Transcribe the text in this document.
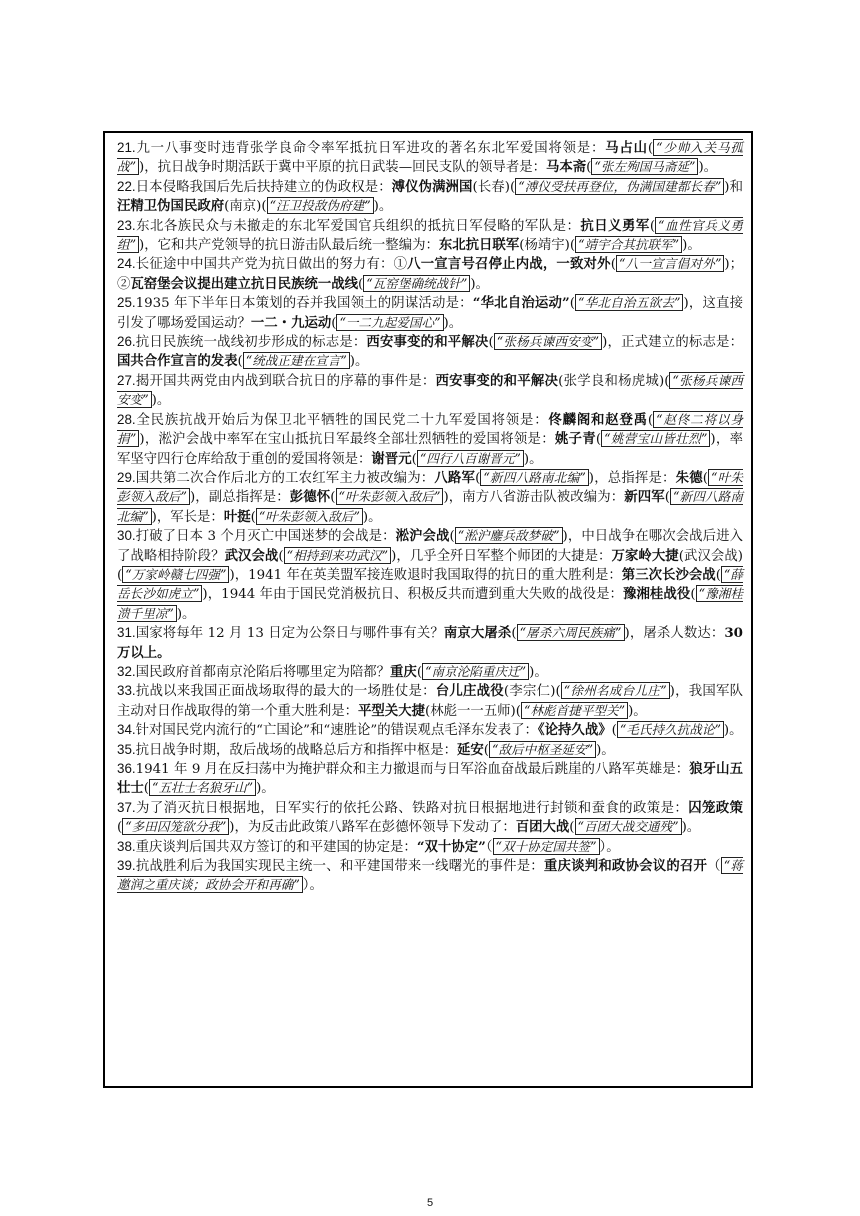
21.九一八事变时违背张学良命令率军抵抗日军进攻的著名东北军爱国将领是：马占山( “少帅入关马孤战” )，抗日战争时期活跃于冀中平原的抗日武装—回民支队的领导者是：马本斋( “张左殉国马斋延” )。

22.日本侵略我国后先后扶持建立的伪政权是：溥仪伪满洲国(长春)( “溥仪受扶再登位，伪满国建都长春” )和汪精卫伪国民政府(南京)( “汪卫投敌伪府建” )。

23.东北各族民众与未撤走的东北军爱国官兵组织的抵抗日军侵略的军队是：抗日义勇军( “血性官兵义勇组” )，它和共产党领导的抗日游击队最后统一整编为：东北抗日联军(杨靖宇)( “靖宇合其抗联军” )。

24.长征途中中国共产党为抗日做出的努力有：①八一宣言号召停止内战，一致对外( “八一宣言倡对外” )；②瓦窑堡会议提出建立抗日民族统一战线( “瓦窑堡确统战针” )。

25.1935 年下半年日本策划的吞并我国领土的阴谋活动是：“华北自治运动”( “华北自治五欲去” )，这直接引发了哪场爱国运动？一二・九运动( “一二九起爱国心” )。

26.抗日民族统一战线初步形成的标志是：西安事变的和平解决( “张杨兵谏西安变” )，正式建立的标志是：国共合作宣言的发表( “统战正建在宣言” )。

27.揭开国共两党由内战到联合抗日的序幕的事件是：西安事变的和平解决(张学良和杨虎城)( “张杨兵谏西安变” )。

28.全民族抗战开始后为保卫北平牺牲的国民党二十九军爱国将领是：佟麟阁和赵登禹( “赵佟二将以身捐” )，淞沪会战中率军在宝山抵抗日军最终全部壮烈牺牲的爱国将领是：姚子青( “姚营宝山皆壮烈” )，率军坚守四行仓库给敌于重创的爱国将领是：谢晋元( “四行八百谢晋元” )。

29.国共第二次合作后北方的工农红军主力被改编为：八路军( “新四八路南北编” )，总指挥是：朱德( “叶朱彭领入敌后” )，副总指挥是：彭德怀( “叶朱彭领入敌后” )，南方八省游击队被改编为：新四军( “新四八路南北编” )，军长是：叶挺( “叶朱彭领入敌后” )。

30.打破了日本 3 个月灭亡中国迷梦的会战是：淞沪会战( “淞沪鏖兵敌梦破” )，中日战争在哪次会战后进入了战略相持阶段？武汉会战( “相持到来功武汉” )，几乎全歼日军整个师团的大捷是：万家岭大捷(武汉会战)( “万家岭赣七四强” )，1941 年在英美盟军接连败退时我国取得的抗日的重大胜利是：第三次长沙会战( “薛岳长沙如虎立” )，1944 年由于国民党消极抗日、积极反共而遭到重大失败的战役是：豫湘桂战役( “豫湘桂溃千里凉” )。

31.国家将每年 12 月 13 日定为公祭日与哪件事有关？南京大屠杀( “屠杀六周民族痛” )，屠杀人数达：30 万以上。

32.国民政府首都南京沦陷后将哪里定为陪都？重庆( “南京沦陷重庆迁” )。

33.抗战以来我国正面战场取得的最大的一场胜仗是：台儿庄战役(李宗仁)( “徐州名成台儿庄” )，我国军队主动对日作战取得的第一个重大胜利是：平型关大捷(林彪一一五师)( “林彪首捷平型关” )。

34.针对国民党内流行的“亡国论”和“速胜论”的错误观点毛泽东发表了：《论持久战》( “毛氏持久抗战论” )。

35.抗日战争时期，敌后战场的战略总后方和指挥中枢是：延安( “敌后中枢圣延安” )。

36.1941 年 9 月在反扫荡中为掩护群众和主力撤退而与日军浴血奋战最后跳崖的八路军英雄是：狼牙山五壮士( “五壮士名狼牙山” )。

37.为了消灭抗日根据地，日军实行的依托公路、铁路对抗日根据地进行封锁和蚕食的政策是：囚笼政策( “多田囚笼欲分我” )，为反击此政策八路军在彭德怀领导下发动了：百团大战( “百团大战交通残” )。

38.重庆谈判后国共双方签订的和平建国的协定是：“双十协定”（ “双十协定国共签” ）。

39.抗战胜利后为我国实现民主统一、和平建国带来一线曙光的事件是：重庆谈判和政协会议的召开（ “蒋邀润之重庆谈；政协会开和再确” ）。

5
